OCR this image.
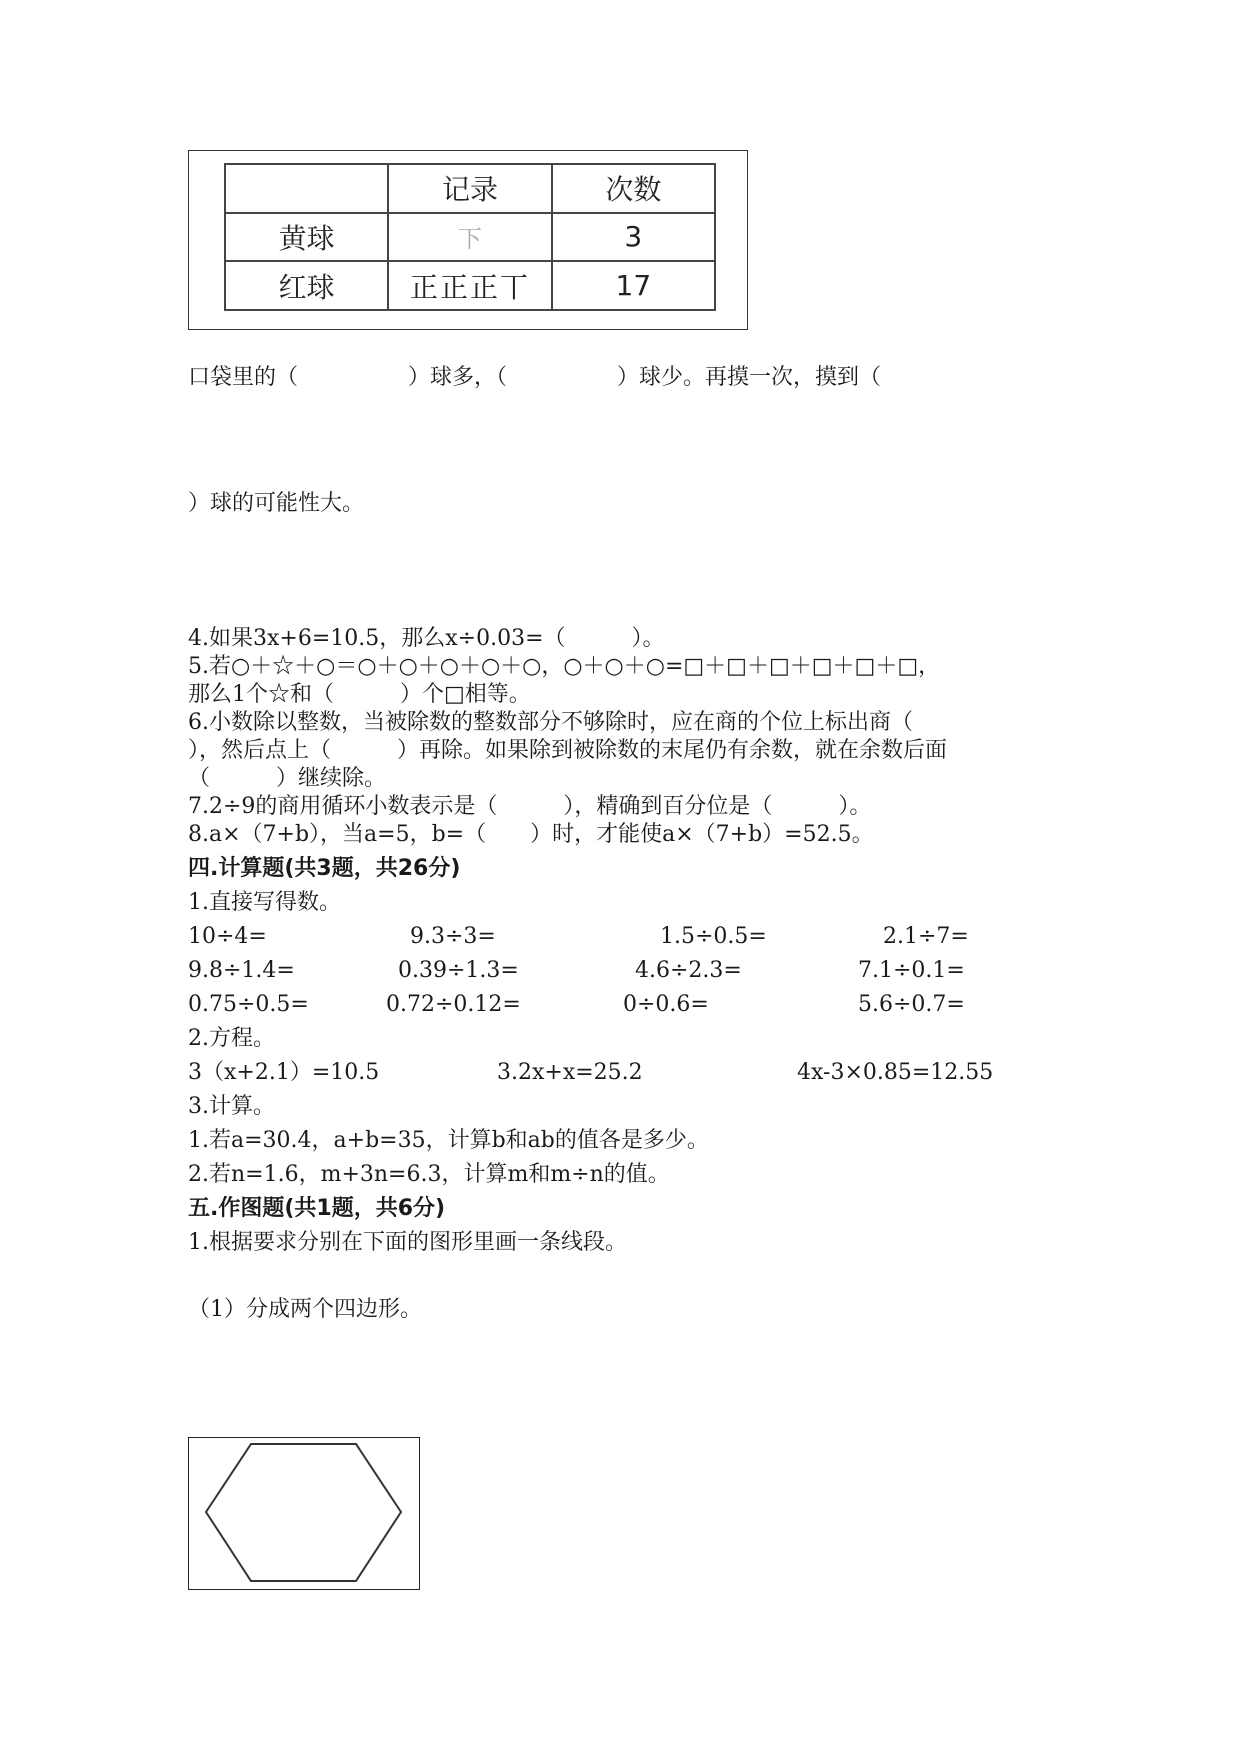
	记录	次数
黄球	下	3
红球	正正正丅	17
口袋里的（　　　　　）球多，（　　　　　）球少。再摸一次，摸到（
）球的可能性大。
4.如果3x+6=10.5，那么x÷0.03=（　　　）。
5.若○＋☆＋○＝○＋○＋○＋○＋○，○＋○＋○=□＋□＋□＋□＋□＋□，
那么1个☆和（　　　）个□相等。
6.小数除以整数，当被除数的整数部分不够除时，应在商的个位上标出商（
），然后点上（　　　）再除。如果除到被除数的末尾仍有余数，就在余数后面
（　　　）继续除。
7.2÷9的商用循环小数表示是（　　　），精确到百分位是（　　　）。
8.a×（7+b），当a=5，b=（　　）时，才能使a×（7+b）=52.5。
四.计算题(共3题，共26分)
1.直接写得数。
10÷4=	9.3÷3=	1.5÷0.5=	2.1÷7=
9.8÷1.4=	0.39÷1.3=	4.6÷2.3=	7.1÷0.1=
0.75÷0.5=	0.72÷0.12=	0÷0.6=	5.6÷0.7=
2.方程。
3（x+2.1）=10.5	3.2x+x=25.2	4x-3×0.85=12.55
3.计算。
1.若a=30.4，a+b=35，计算b和ab的值各是多少。
2.若n=1.6，m+3n=6.3，计算m和m÷n的值。
五.作图题(共1题，共6分)
1.根据要求分别在下面的图形里画一条线段。
（1）分成两个四边形。
